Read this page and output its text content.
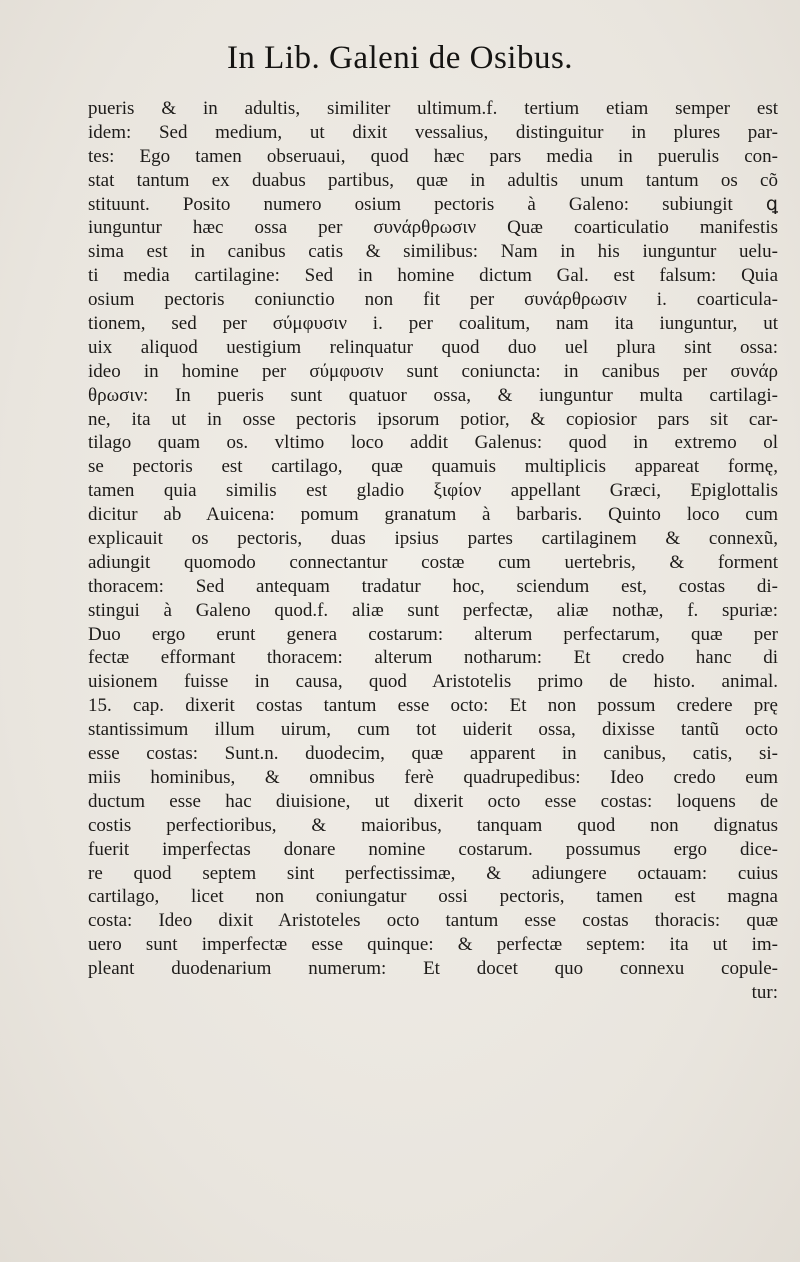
In Lib. Galeni de Osibus.
pueris & in adultis, similiter ultimum.f. tertium etiam semper est
idem: Sed medium, ut dixit vessalius, distinguitur in plures par-
tes: Ego tamen obseruaui, quod hæc pars media in puerulis con-
stat tantum ex duabus partibus, quæ in adultis unum tantum os cõ
stituunt. Posito numero osium pectoris à Galeno: subiungit ꝗ
iunguntur hæc ossa per συνάρθρωσιν Quæ coarticulatio manifestis
sima est in canibus catis & similibus: Nam in his iunguntur uelu-
ti media cartilagine: Sed in homine dictum Gal. est falsum: Quia
osium pectoris coniunctio non fit per συνάρθρωσιν i. coarticula-
tionem, sed per σύμφυσιν i. per coalitum, nam ita iunguntur, ut
uix aliquod uestigium relinquatur quod duo uel plura sint ossa:
ideo in homine per σύμφυσιν sunt coniuncta: in canibus per συνάρ
θρωσιν: In pueris sunt quatuor ossa, & iunguntur multa cartilagi-
ne, ita ut in osse pectoris ipsorum potior, & copiosior pars sit car-
tilago quam os. vltimo loco addit Galenus: quod in extremo ol
se pectoris est cartilago, quæ quamuis multiplicis appareat formę,
tamen quia similis est gladio ξιφίον appellant Græci, Epiglottalis
dicitur ab Auicena: pomum granatum à barbaris. Quinto loco cum
explicauit os pectoris, duas ipsius partes cartilaginem & connexũ,
adiungit quomodo connectantur costæ cum uertebris, & forment
thoracem: Sed antequam tradatur hoc, sciendum est, costas di-
stingui à Galeno quod.f. aliæ sunt perfectæ, aliæ nothæ, f. spuriæ:
Duo ergo erunt genera costarum: alterum perfectarum, quæ per
fectæ efformant thoracem: alterum notharum: Et credo hanc di
uisionem fuisse in causa, quod Aristotelis primo de histo. animal.
15. cap. dixerit costas tantum esse octo: Et non possum credere prę
stantissimum illum uirum, cum tot uiderit ossa, dixisse tantũ octo
esse costas: Sunt.n. duodecim, quæ apparent in canibus, catis, si-
miis hominibus, & omnibus ferè quadrupedibus: Ideo credo eum
ductum esse hac diuisione, ut dixerit octo esse costas: loquens de
costis perfectioribus, & maioribus, tanquam quod non dignatus
fuerit imperfectas donare nomine costarum. possumus ergo dice-
re quod septem sint perfectissimæ, & adiungere octauam: cuius
cartilago, licet non coniungatur ossi pectoris, tamen est magna
costa: Ideo dixit Aristoteles octo tantum esse costas thoracis: quæ
uero sunt imperfectæ esse quinque: & perfectæ septem: ita ut im-
pleant duodenarium numerum: Et docet quo connexu copule-
tur:
